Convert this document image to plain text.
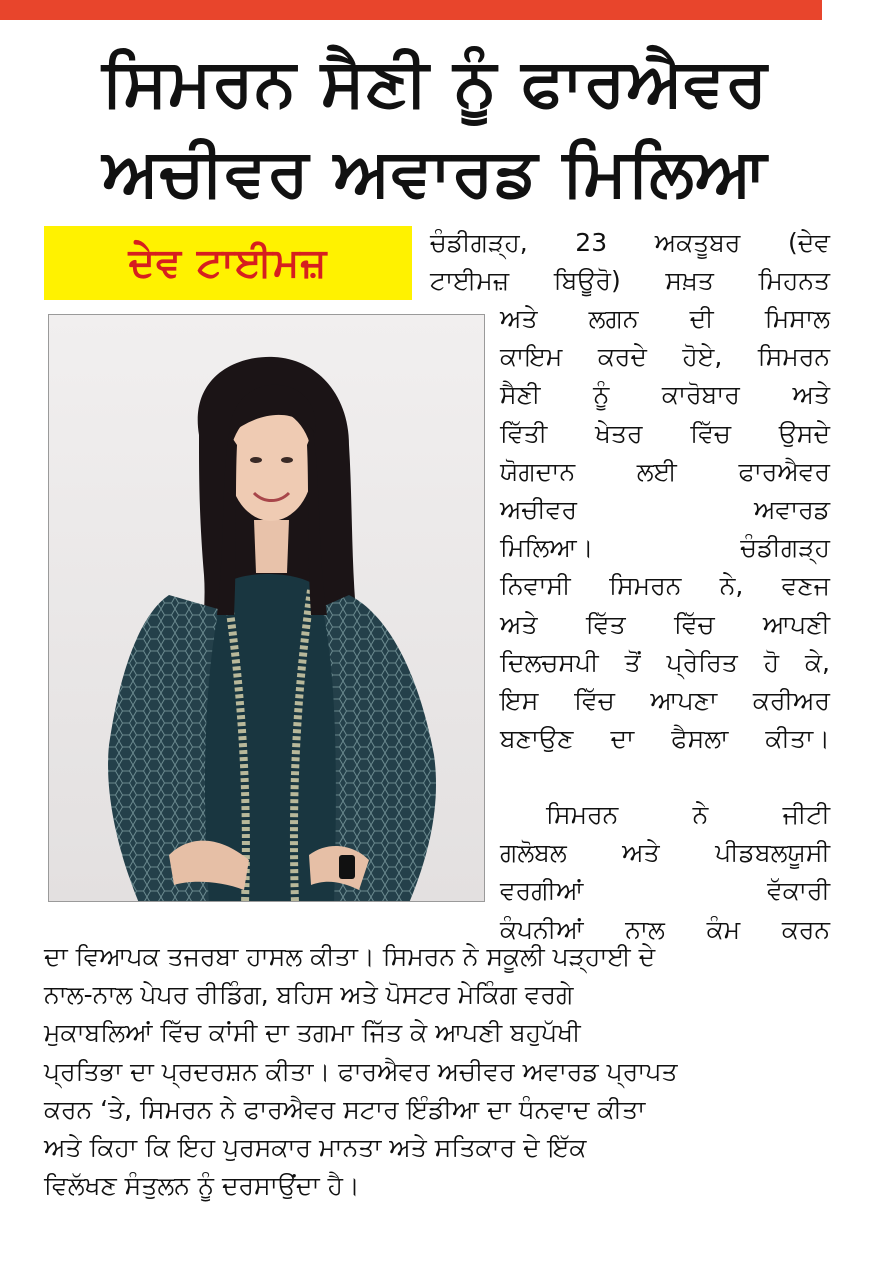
ਸਿਮਰਨ ਸੈਣੀ ਨੂੰ ਫਾਰਐਵਰ
ਅਚੀਵਰ ਅਵਾਰਡ ਮਿਲਿਆ
ਦੇਵ ਟਾਈਮਜ਼	ਚੰਡੀਗੜ੍ਹ, 23 ਅਕਤੂਬਰ (ਦੇਵ
ਟਾਈਮਜ਼ ਬਿਊਰੋ) ਸਖ਼ਤ ਮਿਹਨਤ

ਅਤੇ ਲਗਨ ਦੀ ਮਿਸਾਲ
ਕਾਇਮ ਕਰਦੇ ਹੋਏ, ਸਿਮਰਨ
ਸੈਣੀ ਨੂੰ ਕਾਰੋਬਾਰ ਅਤੇ
ਵਿੱਤੀ ਖੇਤਰ ਵਿੱਚ ਉਸਦੇ
ਯੋਗਦਾਨ ਲਈ ਫਾਰਐਵਰ
ਅਚੀਵਰ ਅਵਾਰਡ
ਮਿਲਿਆ। ਚੰਡੀਗੜ੍ਹ
ਨਿਵਾਸੀ ਸਿਮਰਨ ਨੇ, ਵਣਜ
ਅਤੇ ਵਿੱਤ ਵਿੱਚ ਆਪਣੀ
ਦਿਲਚਸਪੀ ਤੋਂ ਪ੍ਰੇਰਿਤ ਹੋ ਕੇ,
ਇਸ ਵਿੱਚ ਆਪਣਾ ਕਰੀਅਰ
ਬਣਾਉਣ ਦਾ ਫੈਸਲਾ ਕੀਤਾ।

ਸਿਮਰਨ ਨੇ ਜੀਟੀ
ਗਲੋਬਲ ਅਤੇ ਪੀਡਬਲਯੂਸੀ
ਵਰਗੀਆਂ ਵੱਕਾਰੀ
ਕੰਪਨੀਆਂ ਨਾਲ ਕੰਮ ਕਰਨ

ਦਾ ਵਿਆਪਕ ਤਜਰਬਾ ਹਾਸਲ ਕੀਤਾ। ਸਿਮਰਨ ਨੇ ਸਕੂਲੀ ਪੜ੍ਹਾਈ ਦੇ
ਨਾਲ-ਨਾਲ ਪੇਪਰ ਰੀਡਿੰਗ, ਬਹਿਸ ਅਤੇ ਪੋਸਟਰ ਮੇਕਿੰਗ ਵਰਗੇ
ਮੁਕਾਬਲਿਆਂ ਵਿੱਚ ਕਾਂਸੀ ਦਾ ਤਗਮਾ ਜਿੱਤ ਕੇ ਆਪਣੀ ਬਹੁਪੱਖੀ
ਪ੍ਰਤਿਭਾ ਦਾ ਪ੍ਰਦਰਸ਼ਨ ਕੀਤਾ। ਫਾਰਐਵਰ ਅਚੀਵਰ ਅਵਾਰਡ ਪ੍ਰਾਪਤ
ਕਰਨ ‘ਤੇ, ਸਿਮਰਨ ਨੇ ਫਾਰਐਵਰ ਸਟਾਰ ਇੰਡੀਆ ਦਾ ਧੰਨਵਾਦ ਕੀਤਾ
ਅਤੇ ਕਿਹਾ ਕਿ ਇਹ ਪੁਰਸਕਾਰ ਮਾਨਤਾ ਅਤੇ ਸਤਿਕਾਰ ਦੇ ਇੱਕ
ਵਿਲੱਖਣ ਸੰਤੁਲਨ ਨੂੰ ਦਰਸਾਉਂਦਾ ਹੈ।
